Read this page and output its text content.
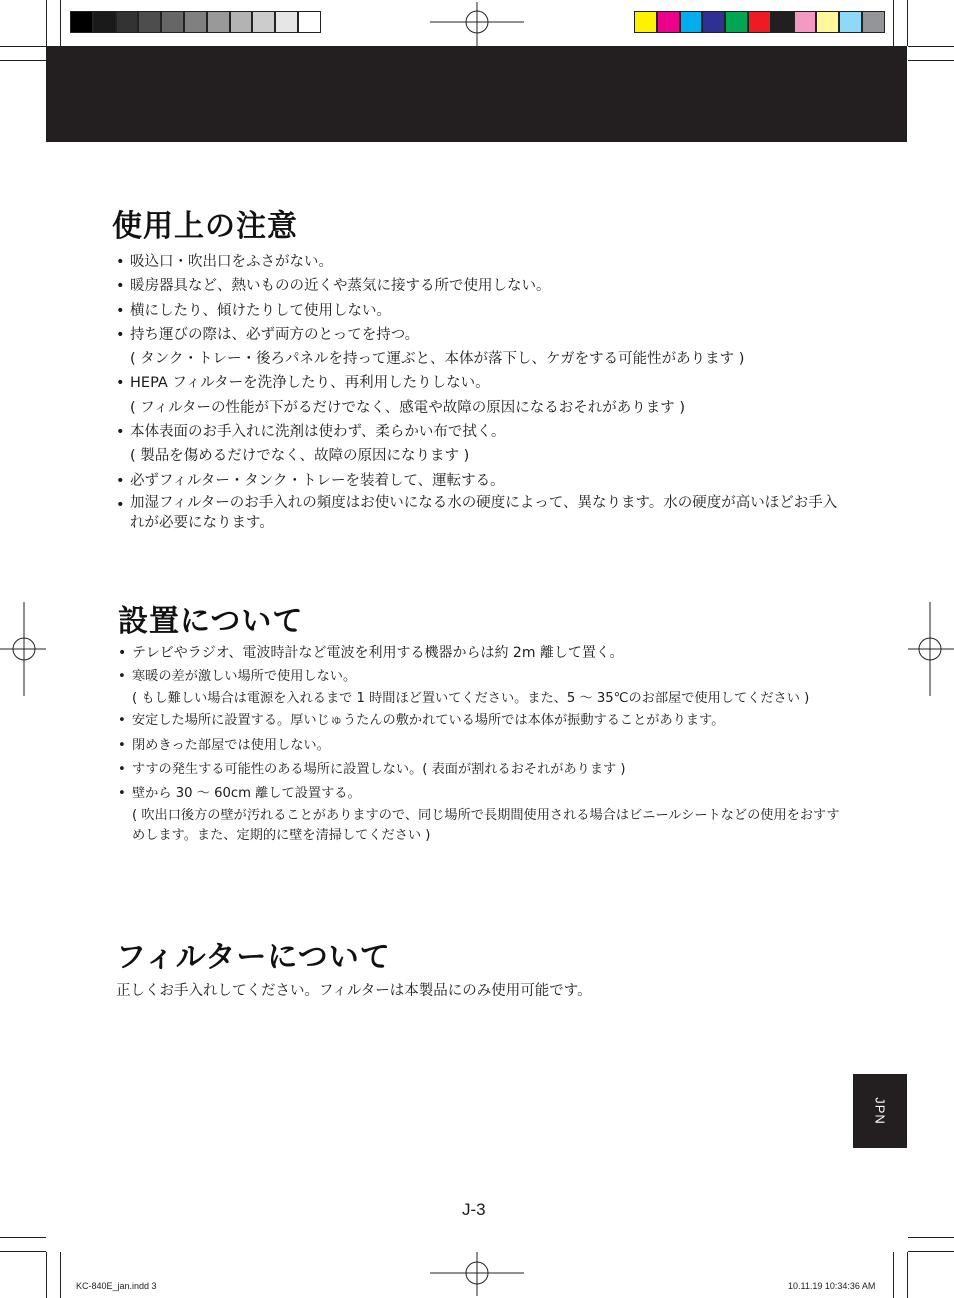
使用上の注意
• 吸込口・吹出口をふさがない。
• 暖房器具など、熱いものの近くや蒸気に接する所で使用しない。
• 横にしたり、傾けたりして使用しない。
• 持ち運びの際は、必ず両方のとってを持つ。
( タンク・トレー・後ろパネルを持って運ぶと、本体が落下し、ケガをする可能性があります )
• HEPA フィルターを洗浄したり、再利用したりしない。
( フィルターの性能が下がるだけでなく、感電や故障の原因になるおそれがあります )
• 本体表面のお手入れに洗剤は使わず、柔らかい布で拭く。
( 製品を傷めるだけでなく、故障の原因になります )
• 必ずフィルター・タンク・トレーを装着して、運転する。
• 加湿フィルターのお手入れの頻度はお使いになる水の硬度によって、異なります。水の硬度が高いほどお手入れが必要になります。
設置について
• テレビやラジオ、電波時計など電波を利用する機器からは約 2m 離して置く。
• 寒暖の差が激しい場所で使用しない。
( もし難しい場合は電源を入れるまで 1 時間ほど置いてください。また、5 ～ 35℃のお部屋で使用してください )
• 安定した場所に設置する。厚いじゅうたんの敷かれている場所では本体が振動することがあります。
• 閉めきった部屋では使用しない。
• すすの発生する可能性のある場所に設置しない。( 表面が割れるおそれがあります )
• 壁から 30 ～ 60cm 離して設置する。
( 吹出口後方の壁が汚れることがありますので、同じ場所で長期間使用される場合はビニールシートなどの使用をおすすめします。また、定期的に壁を清掃してください )
フィルターについて
正しくお手入れしてください。フィルターは本製品にのみ使用可能です。
JPN
J-3
KC-840E_jan.indd 3	10.11.19 10:34:36 AM
